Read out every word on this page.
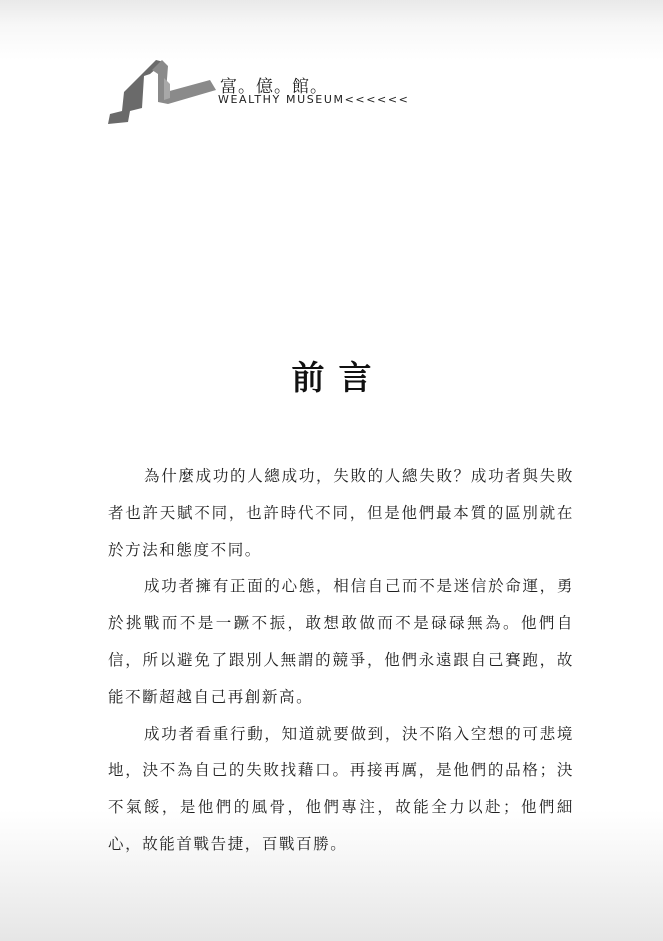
富。億。館。
WEALTHY MUSEUM<<<<<<
前言

為什麼成功的人總成功，失敗的人總失敗？成功者與失敗者也許天賦不同，也許時代不同，但是他們最本質的區別就在於方法和態度不同。

成功者擁有正面的心態，相信自己而不是迷信於命運，勇於挑戰而不是一蹶不振，敢想敢做而不是碌碌無為。他們自信，所以避免了跟別人無謂的競爭，他們永遠跟自己賽跑，故能不斷超越自己再創新高。

成功者看重行動，知道就要做到，決不陷入空想的可悲境地，決不為自己的失敗找藉口。再接再厲，是他們的品格；決不氣餒，是他們的風骨，他們專注，故能全力以赴；他們細心，故能首戰告捷，百戰百勝。
